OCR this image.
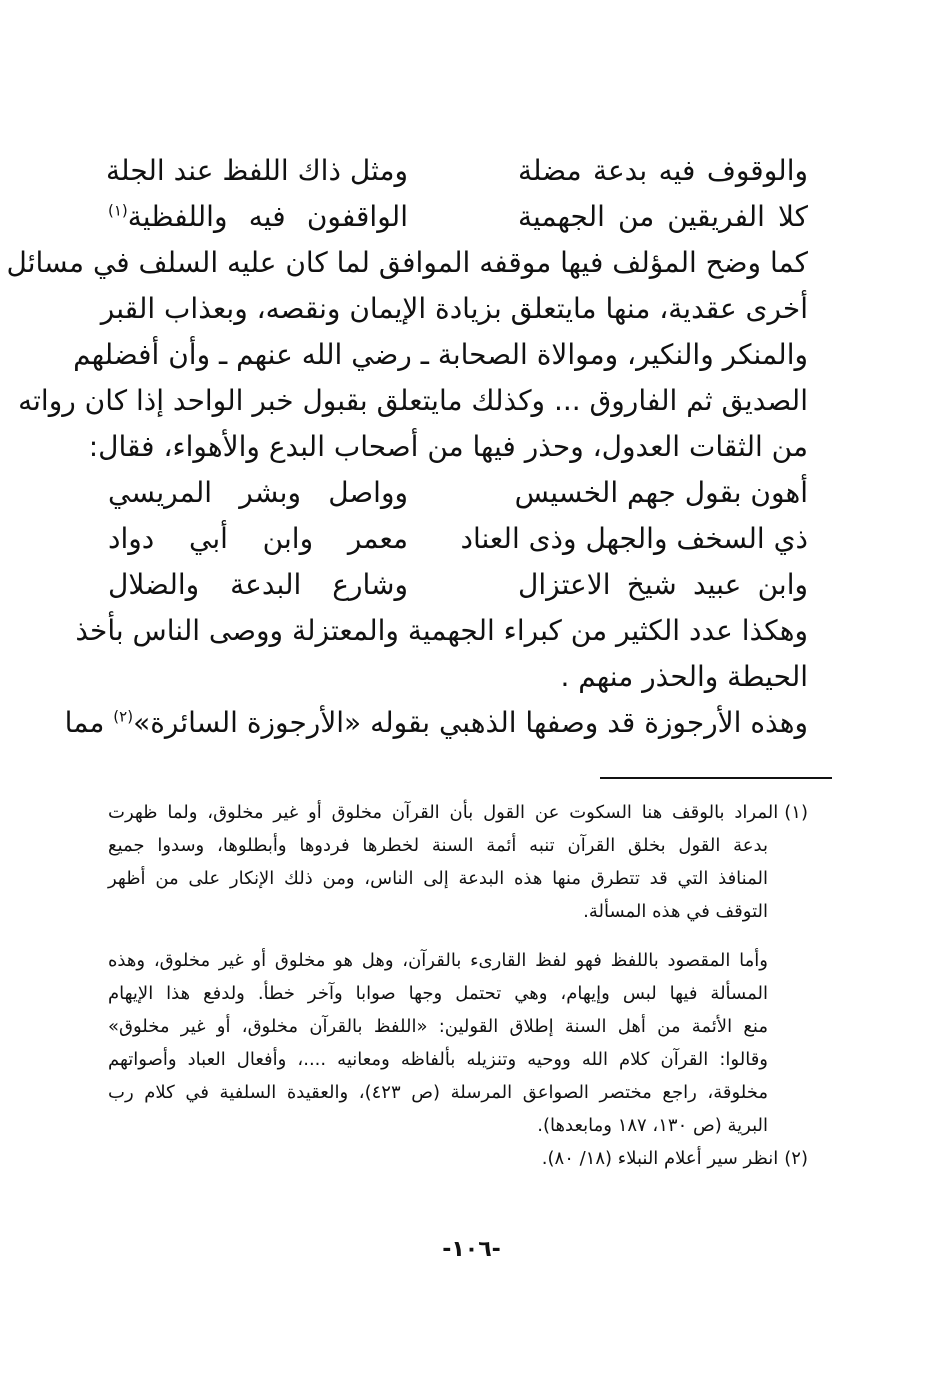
والوقوف فيه بدعة مضلة
ومثل ذاك اللفظ عند الجلة
كلا الفريقين من الجهمية
الواقفون فيه واللفظية$^{(١)}$
كما وضح المؤلف فيها موقفه الموافق لما كان عليه السلف في مسائل
أخرى عقدية، منها مايتعلق بزيادة الإيمان ونقصه، وبعذاب القبر
والمنكر والنكير، وموالاة الصحابة ـ رضي الله عنهم ـ وأن أفضلهم
الصديق ثم الفاروق ... وكذلك مايتعلق بقبول خبر الواحد إذا كان رواته
من الثقات العدول، وحذر فيها من أصحاب البدع والأهواء، فقال:
أهون بقول جهم الخسيس
وواصل وبشر المريسي
ذي السخف والجهل وذى العناد
معمر وابن أبي دواد
وابن عبيد شيخ الاعتزال
وشارع البدعة والضلال
وهكذا عدد الكثير من كبراء الجهمية والمعتزلة ووصى الناس بأخذ
الحيطة والحذر منهم .
وهذه الأرجوزة قد وصفها الذهبي بقوله «الأرجوزة السائرة»$^{(٢)}$ مما
(١)المراد بالوقف هنا السكوت عن القول بأن القرآن مخلوق أو غير مخلوق، ولما ظهرت
بدعة القول بخلق القرآن تنبه أئمة السنة لخطرها فردوها وأبطلوها، وسدوا جميع
المنافذ التي قد تتطرق منها هذه البدعة إلى الناس، ومن ذلك الإنكار على من أظهر
التوقف في هذه المسألة.
وأما المقصود باللفظ فهو لفظ القارىء بالقرآن، وهل هو مخلوق أو غير مخلوق، وهذه
المسألة فيها لبس وإيهام، وهي تحتمل وجها صوابا وآخر خطأ. ولدفع هذا الإيهام
منع الأئمة من أهل السنة إطلاق القولين: «اللفظ بالقرآن مخلوق، أو غير مخلوق»
وقالوا: القرآن كلام الله ووحيه وتنزيله بألفاظه ومعانيه ....، وأفعال العباد وأصواتهم
مخلوقة، راجع مختصر الصواعق المرسلة (ص ٤٢٣)، والعقيدة السلفية في كلام رب
البرية (ص ١٣٠، ١٨٧ ومابعدها).
(٢)انظر سير أعلام النبلاء (١٨/ ٨٠).
-١٠٦-
